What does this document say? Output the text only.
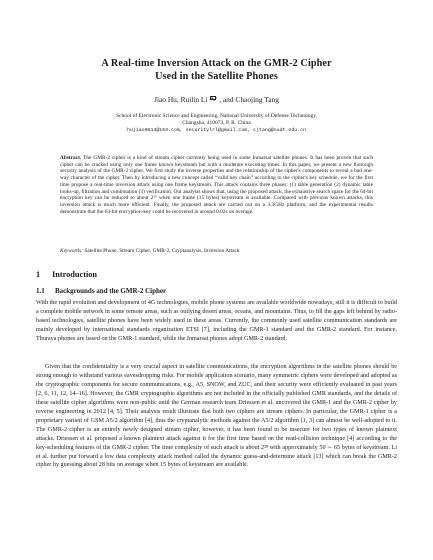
A Real-time Inversion Attack on the GMR-2 Cipher
Used in the Satellite Phones
Jiao Hu, Ruilin Li , and Chaojing Tang
School of Electronic Science and Engineering, National University of Defense Technology,
Changsha, 410073, P. R. China
hujiao0614@163.com, securitylrl@gmail.com, cjtang@nudt.edu.cn
Abstract. The GMR-2 cipher is a kind of stream cipher currently being used in some Inmarsat satellite phones. It has been proven that such cipher can be cracked using only one frame known keystream but with a moderate executing times. In this paper, we present a new thorough security analysis of the GMR-2 cipher. We first study the inverse properties and the relationship of the cipher's components to reveal a bad one-way character of the cipher. Then by introducing a new concept called “valid key chain” according to the cipher's key schedule, we for the first time propose a real-time inversion attack using one frame keystream. This attack contains three phases: (1) table generation (2) dynamic table looks-up, filtration and combination (3) verification. Our analysis shows that, using the proposed attack, the exhaustive search space for the 64-bit encryption key can be reduced to about 2¹⁵ when one frame (15 bytes) keystream is available. Compared with previous known attacks, this inversion attack is much more efficient. Finally, the proposed attack are carried out on a 3.3GHz platform, and the experimental results demonstrate that the 64-bit encryption-key could be recovered in around 0.02s on average.
Keywords: Satellite Phone, Stream Cipher, GMR-2, Cryptanalysis, Inversion Attack
1 Introduction
1.1 Backgrounds and the GMR-2 Cipher
With the rapid evolution and development of 4G technologies, mobile phone systems are available worldwide nowadays, still it is difficult to build a complete mobile network in some remote areas, such as outlying desert areas, oceans, and mountains. Thus, to fill the gaps left behind by radio-based technologies, satellite phones have been widely used in these areas. Currently, the commonly used satellite communication standards are mainly developed by international standards organization ETSI [7], including the GMR-1 standard and the GMR-2 standard. For instance, Thuraya phones are based on the GMR-1 standard, while the Inmarsat phones adopt GMR-2 standard.
Given that the confidentiality is a very crucial aspect in satellite communications, the encryption algorithms in the satellite phones should be strong enough to withstand various eavesdropping risks. For mobile application scenario, many symmetric ciphers were developed and adopted as the cryptographic components for secure communications, e.g., A5, SNOW, and ZUC, and their security were efficiently evaluated in past years [2, 6, 11, 12, 14–16]. However, the GMR cryptographic algorithms are not included in the officially published GMR standards, and the details of these satellite cipher algorithms were non-public until the German research team Driessen et al. uncovered the GMR-1 and the GMR-2 cipher by reverse engineering in 2012 [4, 5]. Their analysis result illustrate that both two ciphers are stream ciphers. In particular, the GMR-1 cipher is a proprietary variant of GSM A5/2 algorithm [4], thus the cryptanalytic methods against the A5/2 algorithm [1, 3] can almost be well-adopted to it. The GMR-2 cipher is an entirely newly designed stream cipher, however, it has been found to be insecure for two types of known plaintext attacks. Driessen et al. proposed a known plaintext attack against it for the first time based on the read-collision technique [4] according to the key-scheduling features of the GMR-2 cipher. The time complexity of such attack is about 2²⁸ with approximately 50 ∼ 65 bytes of keystream. Li et al. further put forward a low data complexity attack method called the dynamic guess-and-determine attack [13] which can break the GMR-2 cipher by guessing about 28 bits on average when 15 bytes of keystream are available.
